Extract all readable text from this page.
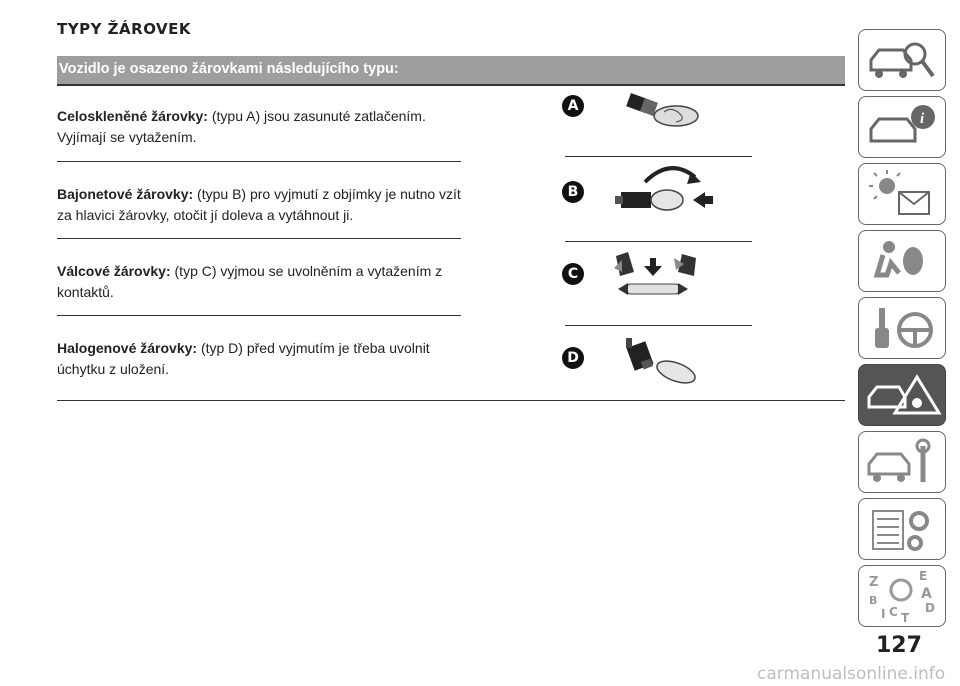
TYPY ŽÁROVEK
Vozidlo je osazeno žárovkami následujícího typu:
Celoskleněné žárovky: (typu A) jsou zasunuté zatlačením. Vyjímají se vytažením.
Bajonetové žárovky: (typu B) pro vyjmutí z objímky je nutno vzít za hlavici žárovky, otočit jí doleva a vytáhnout ji.
Válcové žárovky: (typ C) vyjmou se uvolněním a vytažením z kontaktů.
Halogenové žárovky: (typ D) před vyjmutím je třeba uvolnit úchytku z uložení.
A
B
C
D
i
Z	E
A
B
D
I C T
127
carmanualsonline.info
